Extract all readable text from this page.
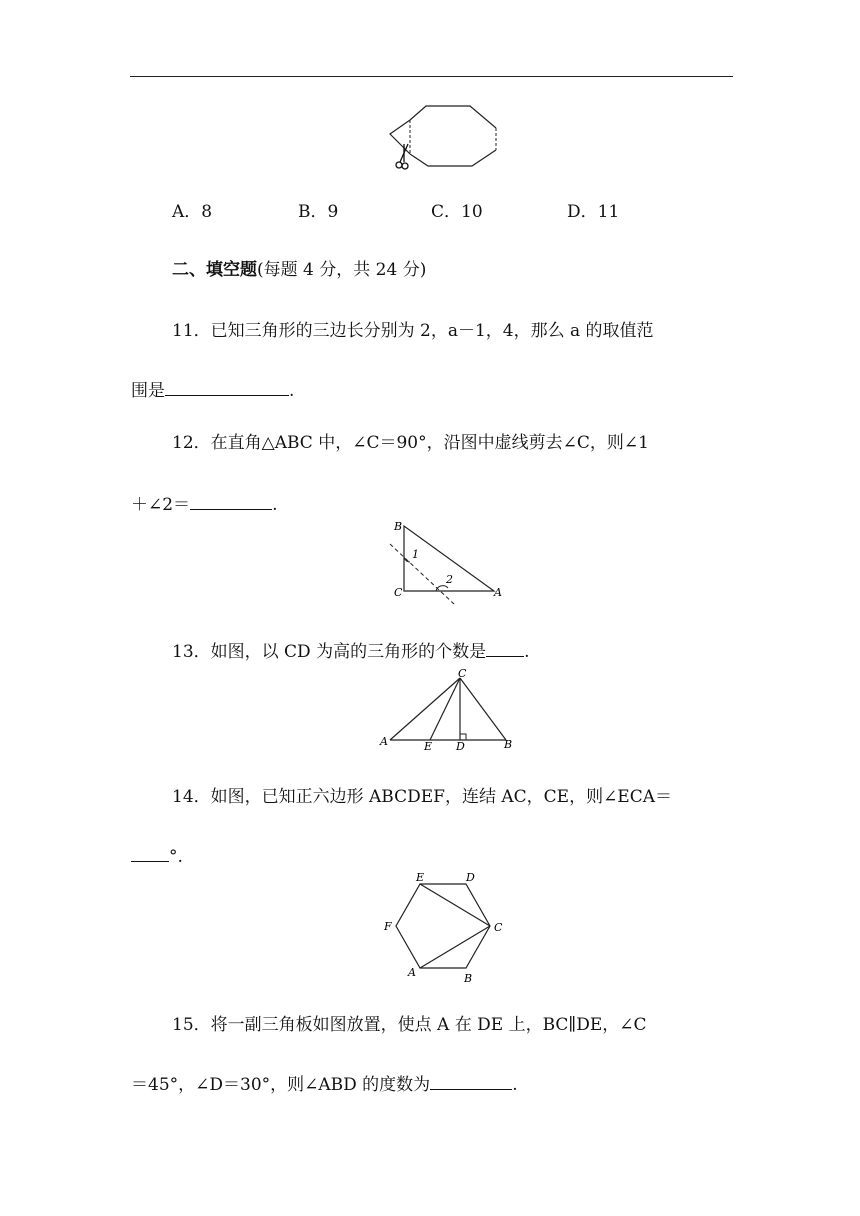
A．8	B．9	C．10	D．11
二、填空题(每题 4 分，共 24 分)
11．已知三角形的三边长分别为 2，a－1，4，那么 a 的取值范
围是	.
12．在直角△ABC 中，∠C＝90°，沿图中虚线剪去∠C，则∠1
＋∠2＝	.
B
C	A
1
2
13．如图，以 CD 为高的三角形的个数是 .
C
A	E D	B
14．如图，已知正六边形 ABCDEF，连结 AC，CE，则∠ECA＝
°.
E	D
F	C
A	B
15．将一副三角板如图放置，使点 A 在 DE 上，BC∥DE，∠C
＝45°，∠D＝30°，则∠ABD 的度数为	.
